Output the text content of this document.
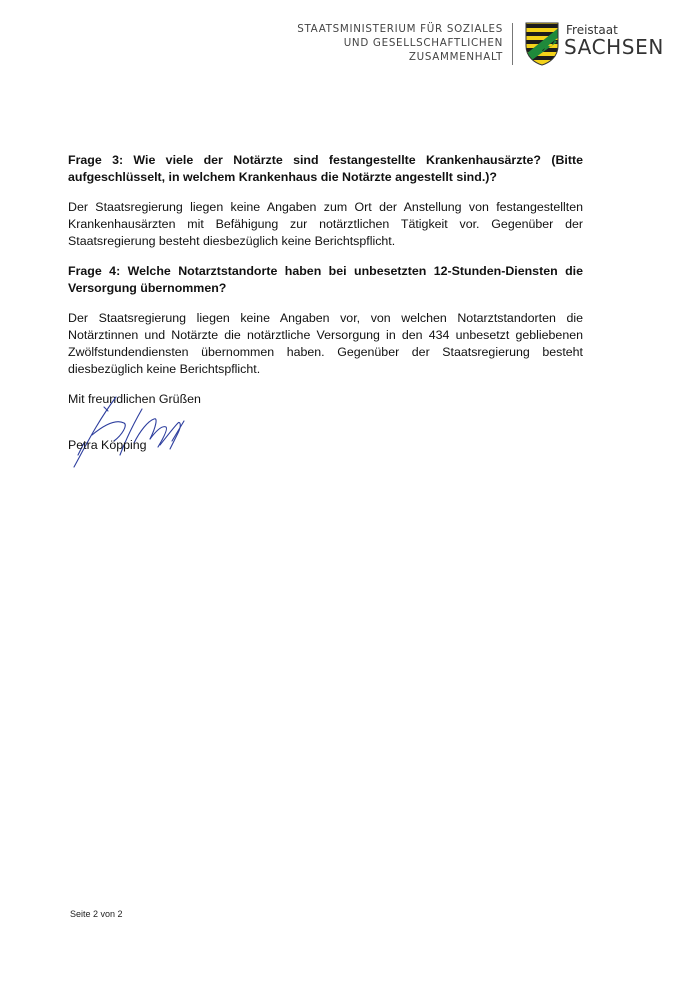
STAATSMINISTERIUM FÜR SOZIALES
UND GESELLSCHAFTLICHEN
ZUSAMMENHALT
Freistaat
SACHSEN

Frage 3: Wie viele der Notärzte sind festangestellte Krankenhausärzte? (Bitte aufgeschlüsselt, in welchem Krankenhaus die Notärzte angestellt sind.)?

Der Staatsregierung liegen keine Angaben zum Ort der Anstellung von festangestellten Krankenhausärzten mit Befähigung zur notärztlichen Tätigkeit vor. Gegenüber der Staatsregierung besteht diesbezüglich keine Berichtspflicht.

Frage 4: Welche Notarztstandorte haben bei unbesetzten 12-Stunden-Diensten die Versorgung übernommen?

Der Staatsregierung liegen keine Angaben vor, von welchen Notarztstandorten die Notärztinnen und Notärzte die notärztliche Versorgung in den 434 unbesetzt gebliebenen Zwölfstundendiensten übernommen haben. Gegenüber der Staatsregierung besteht diesbezüglich keine Berichtspflicht.

Mit freundlichen Grüßen

Petra Köpping
Seite 2 von 2
